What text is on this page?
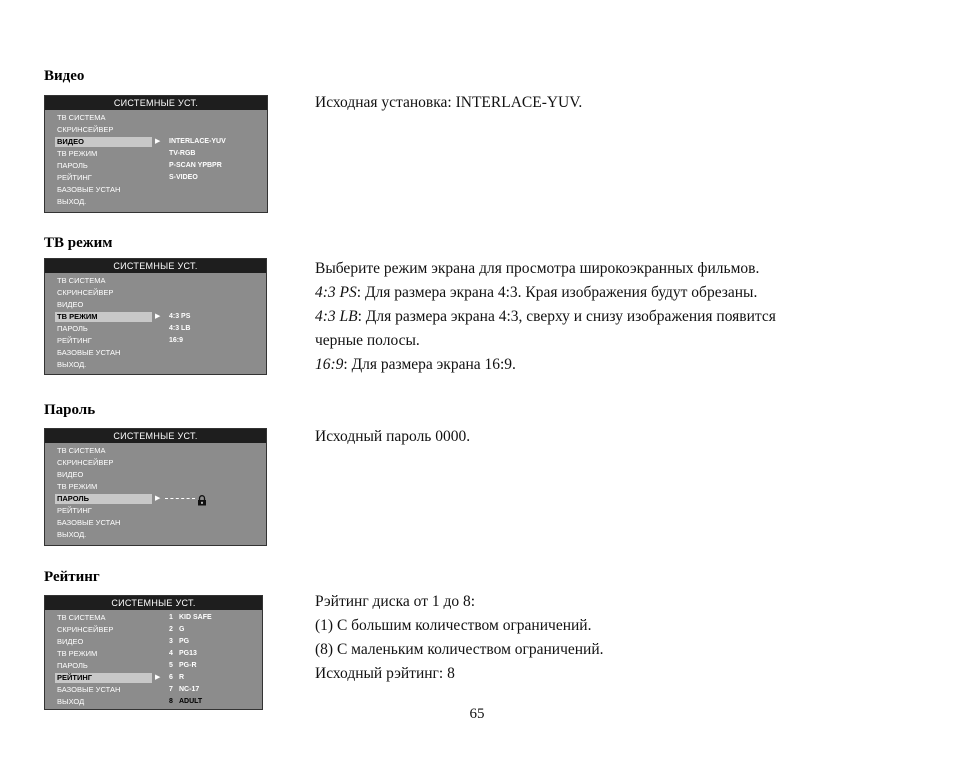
Видео
СИСТЕМНЫЕ УСТ.
ТВ СИСТЕМА
СКРИНСЕЙВЕР
ВИДЕО	▶ INTERLACE-YUV
ТВ РЕЖИМ	TV-RGB
ПАРОЛЬ	P-SCAN YPBPR
РЕЙТИНГ	S-VIDEO
БАЗОВЫЕ УСТАН
ВЫХОД.

Исходная установка: INTERLACE-YUV.

ТВ режим
СИСТЕМНЫЕ УСТ.
ТВ СИСТЕМА
СКРИНСЕЙВЕР
ВИДЕО
ТВ РЕЖИМ	▶ 4:3 PS
ПАРОЛЬ	4:3 LB
РЕЙТИНГ	16:9
БАЗОВЫЕ УСТАН
ВЫХОД.

Выберите режим экрана для просмотра широкоэкранных фильмов.

4:3 PS: Для размера экрана 4:3. Края изображения будут обрезаны.

4:3 LB: Для размера экрана 4:3, сверху и снизу изображения появится

черные полосы.

16:9: Для размера экрана 16:9.

Пароль
СИСТЕМНЫЕ УСТ.
ТВ СИСТЕМА
СКРИНСЕЙВЕР
ВИДЕО
ТВ РЕЖИМ
ПАРОЛЬ	▶
РЕЙТИНГ
БАЗОВЫЕ УСТАН
ВЫХОД.

Исходный пароль 0000.

Рейтинг
СИСТЕМНЫЕ УСТ.
ТВ СИСТЕМА	1 KID SAFE
СКРИНСЕЙВЕР	2 G
ВИДЕО	3 PG
ТВ РЕЖИМ	4 PG13
ПАРОЛЬ	5 PG-R
РЕЙТИНГ	▶ 6 R
БАЗОВЫЕ УСТАН	7 NC-17
ВЫХОД	8 ADULT

Рэйтинг диска от 1 до 8:

(1) С большим количеством ограничений.

(8) С маленьким количеством ограничений.

Исходный рэйтинг: 8

65
